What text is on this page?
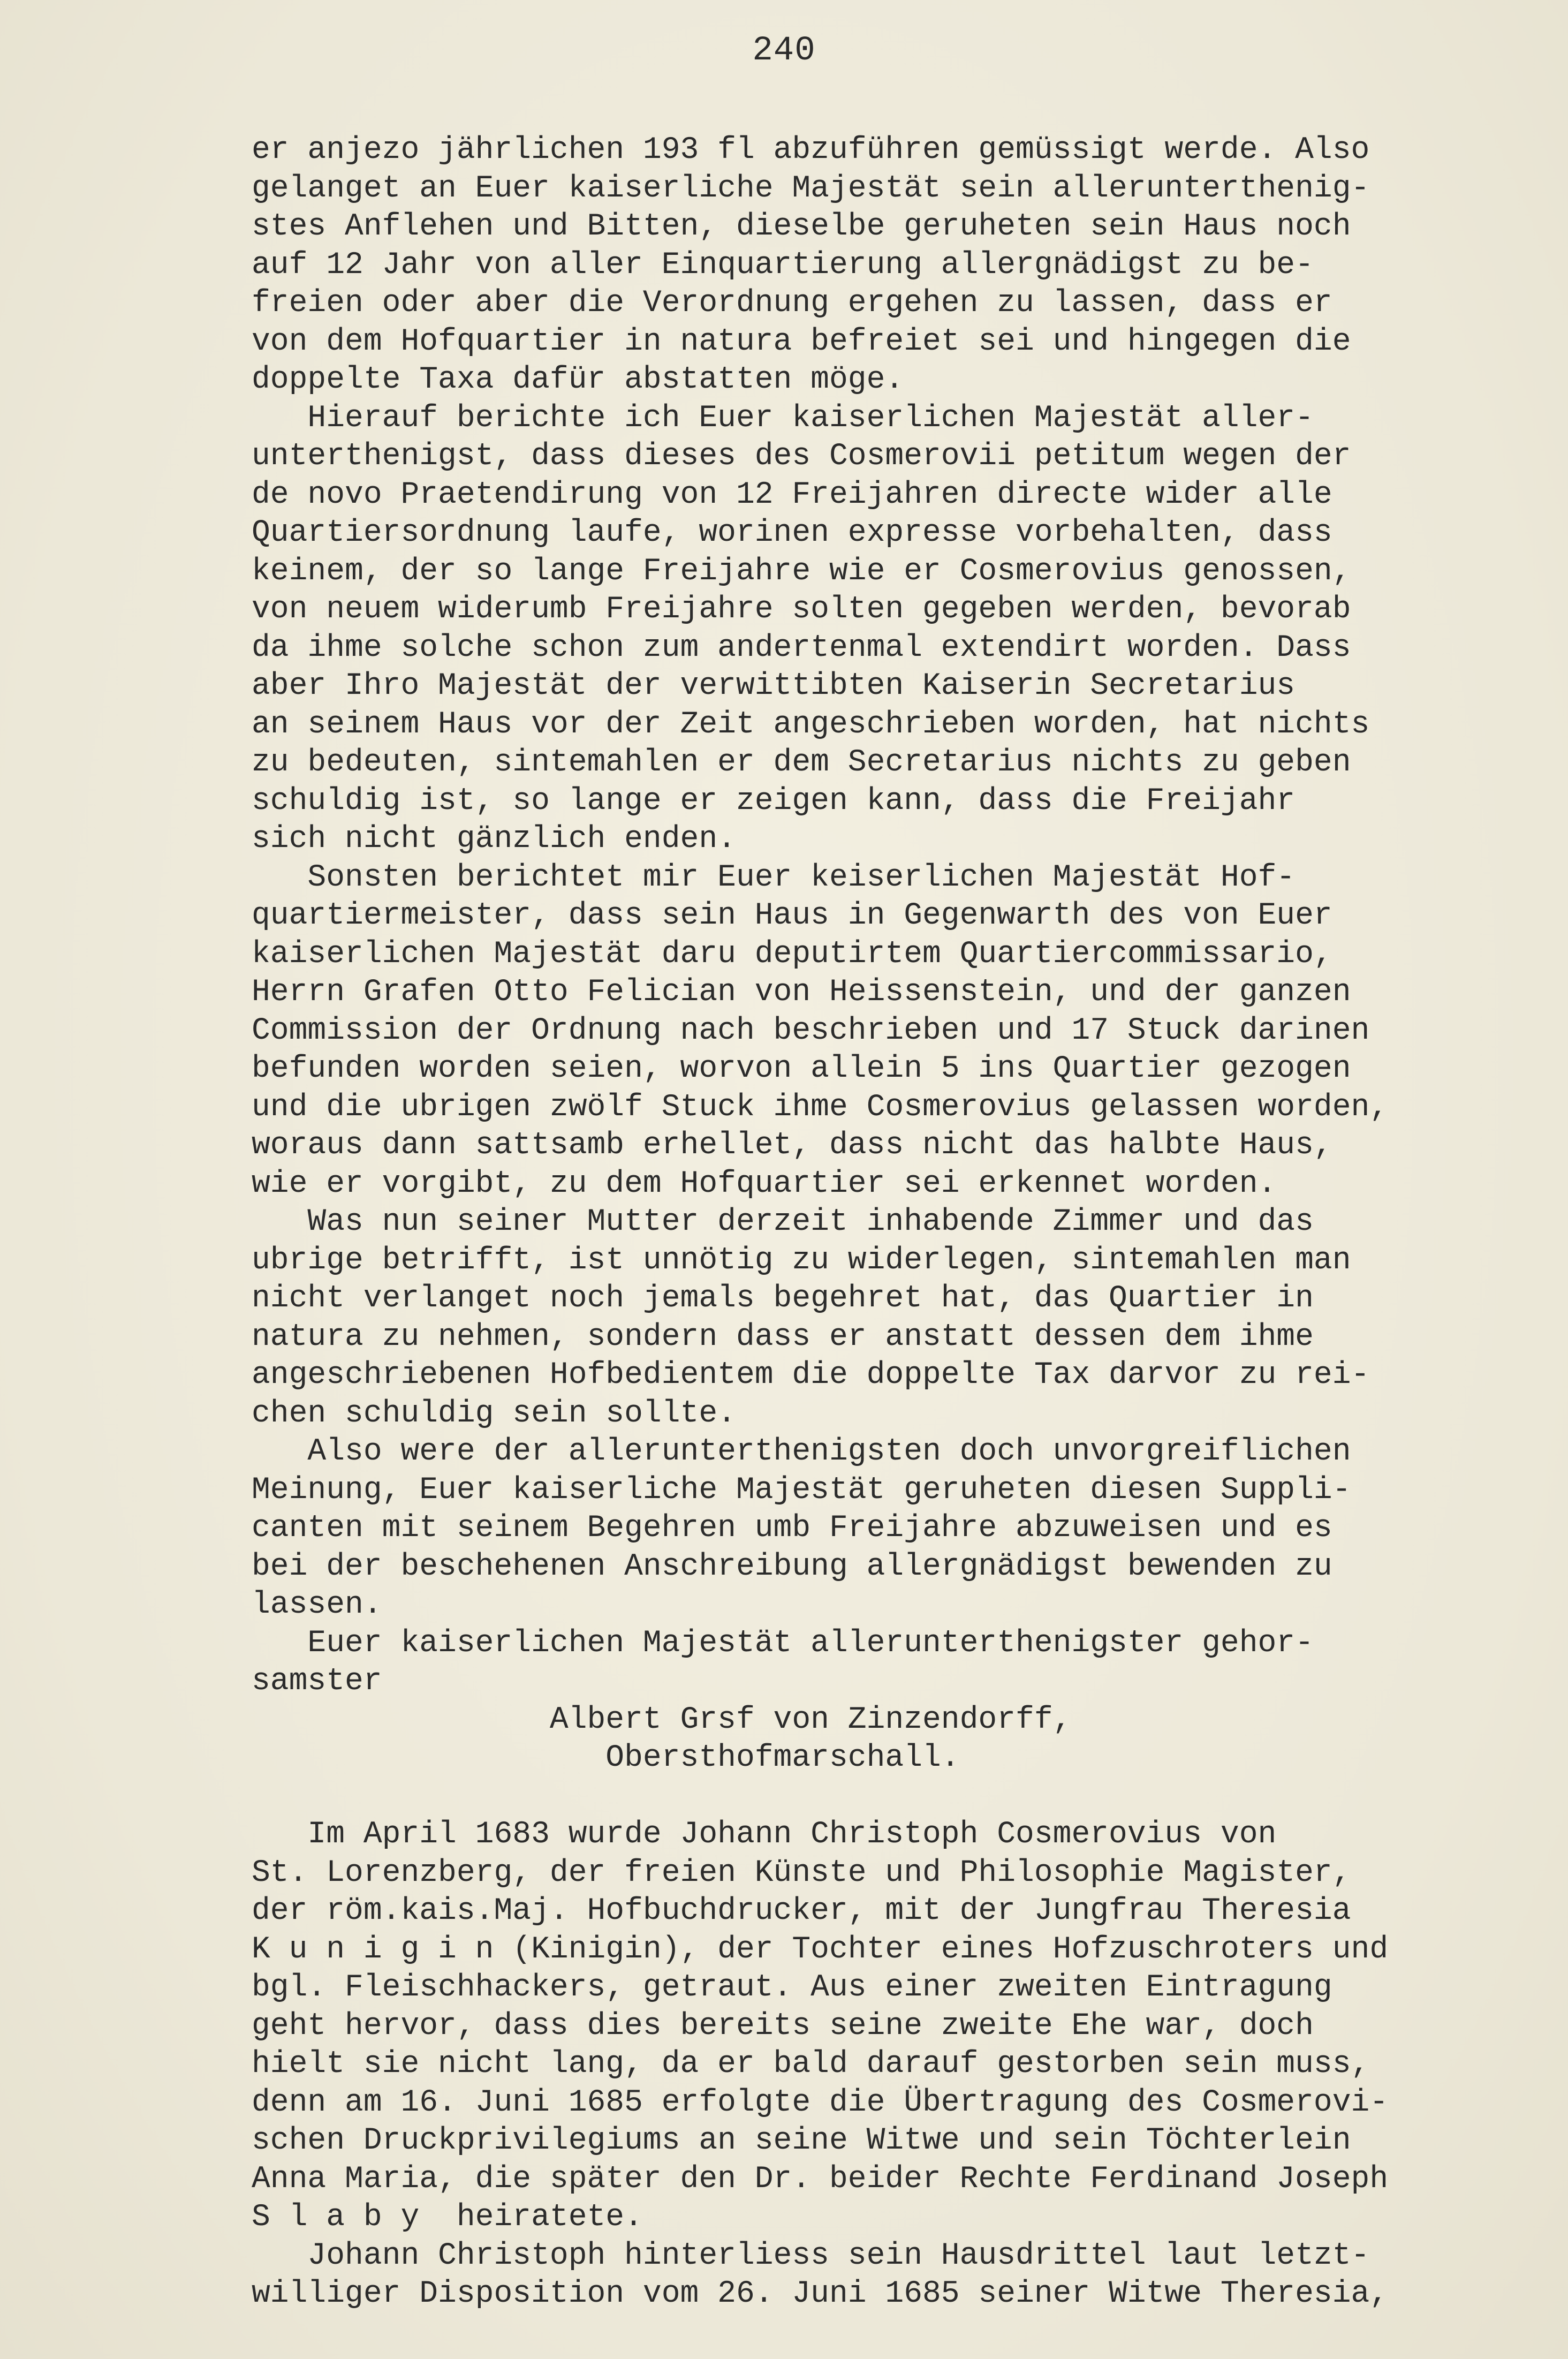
240
er anjezo jährlichen 193 fl abzuführen gemüssigt werde. Also
gelanget an Euer kaiserliche Majestät sein allerunterthenig-
stes Anflehen und Bitten, dieselbe geruheten sein Haus noch
auf 12 Jahr von aller Einquartierung allergnädigst zu be-
freien oder aber die Verordnung ergehen zu lassen, dass er
von dem Hofquartier in natura befreiet sei und hingegen die
doppelte Taxa dafür abstatten möge.
Hierauf berichte ich Euer kaiserlichen Majestät aller-
unterthenigst, dass dieses des Cosmerovii petitum wegen der
de novo Praetendirung von 12 Freijahren directe wider alle
Quartiersordnung laufe, worinen expresse vorbehalten, dass
keinem, der so lange Freijahre wie er Cosmerovius genossen,
von neuem widerumb Freijahre solten gegeben werden, bevorab
da ihme solche schon zum andertenmal extendirt worden. Dass
aber Ihro Majestät der verwittibten Kaiserin Secretarius
an seinem Haus vor der Zeit angeschrieben worden, hat nichts
zu bedeuten, sintemahlen er dem Secretarius nichts zu geben
schuldig ist, so lange er zeigen kann, dass die Freijahr
sich nicht gänzlich enden.
Sonsten berichtet mir Euer keiserlichen Majestät Hof-
quartiermeister, dass sein Haus in Gegenwarth des von Euer
kaiserlichen Majestät daru deputirtem Quartiercommissario,
Herrn Grafen Otto Felician von Heissenstein, und der ganzen
Commission der Ordnung nach beschrieben und 17 Stuck darinen
befunden worden seien, worvon allein 5 ins Quartier gezogen
und die ubrigen zwölf Stuck ihme Cosmerovius gelassen worden,
woraus dann sattsamb erhellet, dass nicht das halbte Haus,
wie er vorgibt, zu dem Hofquartier sei erkennet worden.
Was nun seiner Mutter derzeit inhabende Zimmer und das
ubrige betrifft, ist unnötig zu widerlegen, sintemahlen man
nicht verlanget noch jemals begehret hat, das Quartier in
natura zu nehmen, sondern dass er anstatt dessen dem ihme
angeschriebenen Hofbedientem die doppelte Tax darvor zu rei-
chen schuldig sein sollte.
Also were der allerunterthenigsten doch unvorgreiflichen
Meinung, Euer kaiserliche Majestät geruheten diesen Suppli-
canten mit seinem Begehren umb Freijahre abzuweisen und es
bei der beschehenen Anschreibung allergnädigst bewenden zu
lassen.
Euer kaiserlichen Majestät allerunterthenigster gehor-
samster
Albert Grsf von Zinzendorff,
Obersthofmarschall.
Im April 1683 wurde Johann Christoph Cosmerovius von
St. Lorenzberg, der freien Künste und Philosophie Magister,
der röm.kais.Maj. Hofbuchdrucker, mit der Jungfrau Theresia
K u n i g i n (Kinigin), der Tochter eines Hofzuschroters und
bgl. Fleischhackers, getraut. Aus einer zweiten Eintragung
geht hervor, dass dies bereits seine zweite Ehe war, doch
hielt sie nicht lang, da er bald darauf gestorben sein muss,
denn am 16. Juni 1685 erfolgte die Übertragung des Cosmerovi-
schen Druckprivilegiums an seine Witwe und sein Töchterlein
Anna Maria, die später den Dr. beider Rechte Ferdinand Joseph
S l a b y  heiratete.
Johann Christoph hinterliess sein Hausdrittel laut letzt-
williger Disposition vom 26. Juni 1685 seiner Witwe Theresia,
